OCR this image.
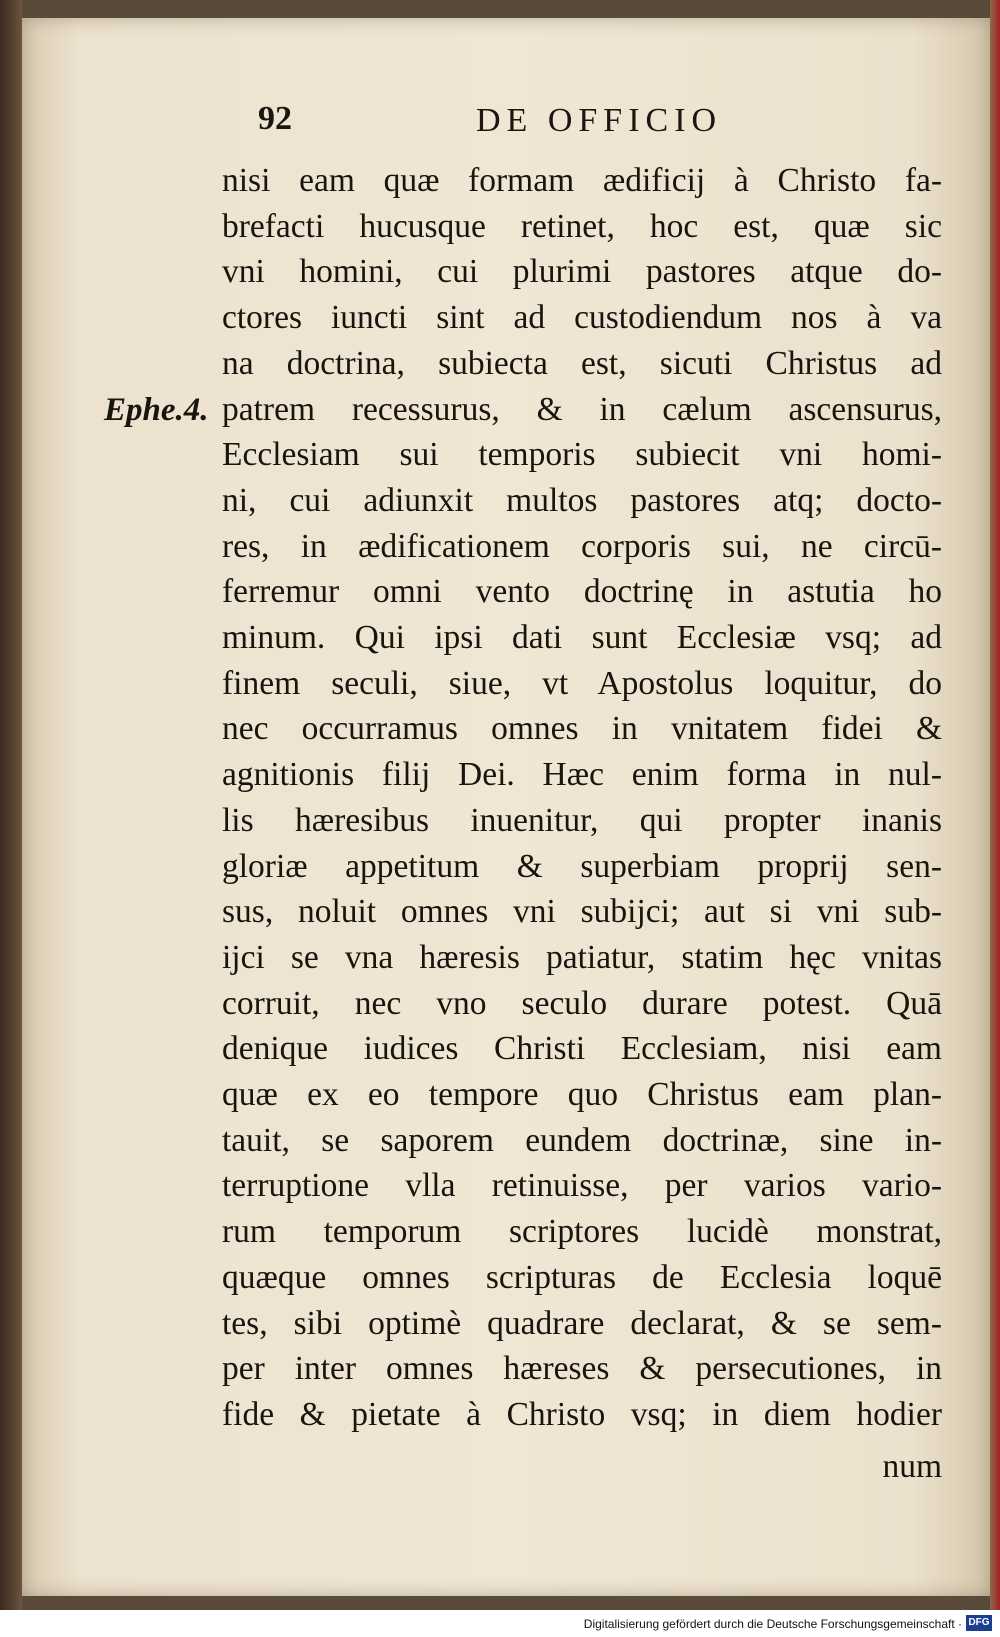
92	DE OFFICIO
Ephe.4.
nisi eam quæ formam ædificij à Christo fa‑
brefacti hucusque retinet, hoc est, quæ sic
vni homini, cui plurimi pastores atque do‑
ctores iuncti sint ad custodiendum nos à va
na doctrina, subiecta est, sicuti Christus ad
patrem recessurus, & in cælum ascensurus,
Ecclesiam sui temporis subiecit vni homi‑
ni, cui adiunxit multos pastores atq; docto‑
res, in ædificationem corporis sui, ne circū‑
ferremur omni vento doctrinę in astutia ho
minum. Qui ipsi dati sunt Ecclesiæ vsq; ad
finem seculi, siue, vt Apostolus loquitur, do
nec occurramus omnes in vnitatem fidei &
agnitionis filij Dei. Hæc enim forma in nul‑
lis hæresibus inuenitur, qui propter inanis
gloriæ appetitum & superbiam proprij sen‑
sus, noluit omnes vni subijci; aut si vni sub‑
ijci se vna hæresis patiatur, statim hęc vnitas
corruit, nec vno seculo durare potest. Quā
denique iudices Christi Ecclesiam, nisi eam
quæ ex eo tempore quo Christus eam plan‑
tauit, se saporem eundem doctrinæ, sine in‑
terruptione vlla retinuisse, per varios vario‑
rum temporum scriptores lucidè monstrat,
quæque omnes scripturas de Ecclesia loquē
tes, sibi optimè quadrare declarat, & se sem‑
per inter omnes hæreses & persecutiones, in
fide & pietate à Christo vsq; in diem hodier
num
Digitalisierung gefördert durch die Deutsche Forschungsgemeinschaft · DFG
